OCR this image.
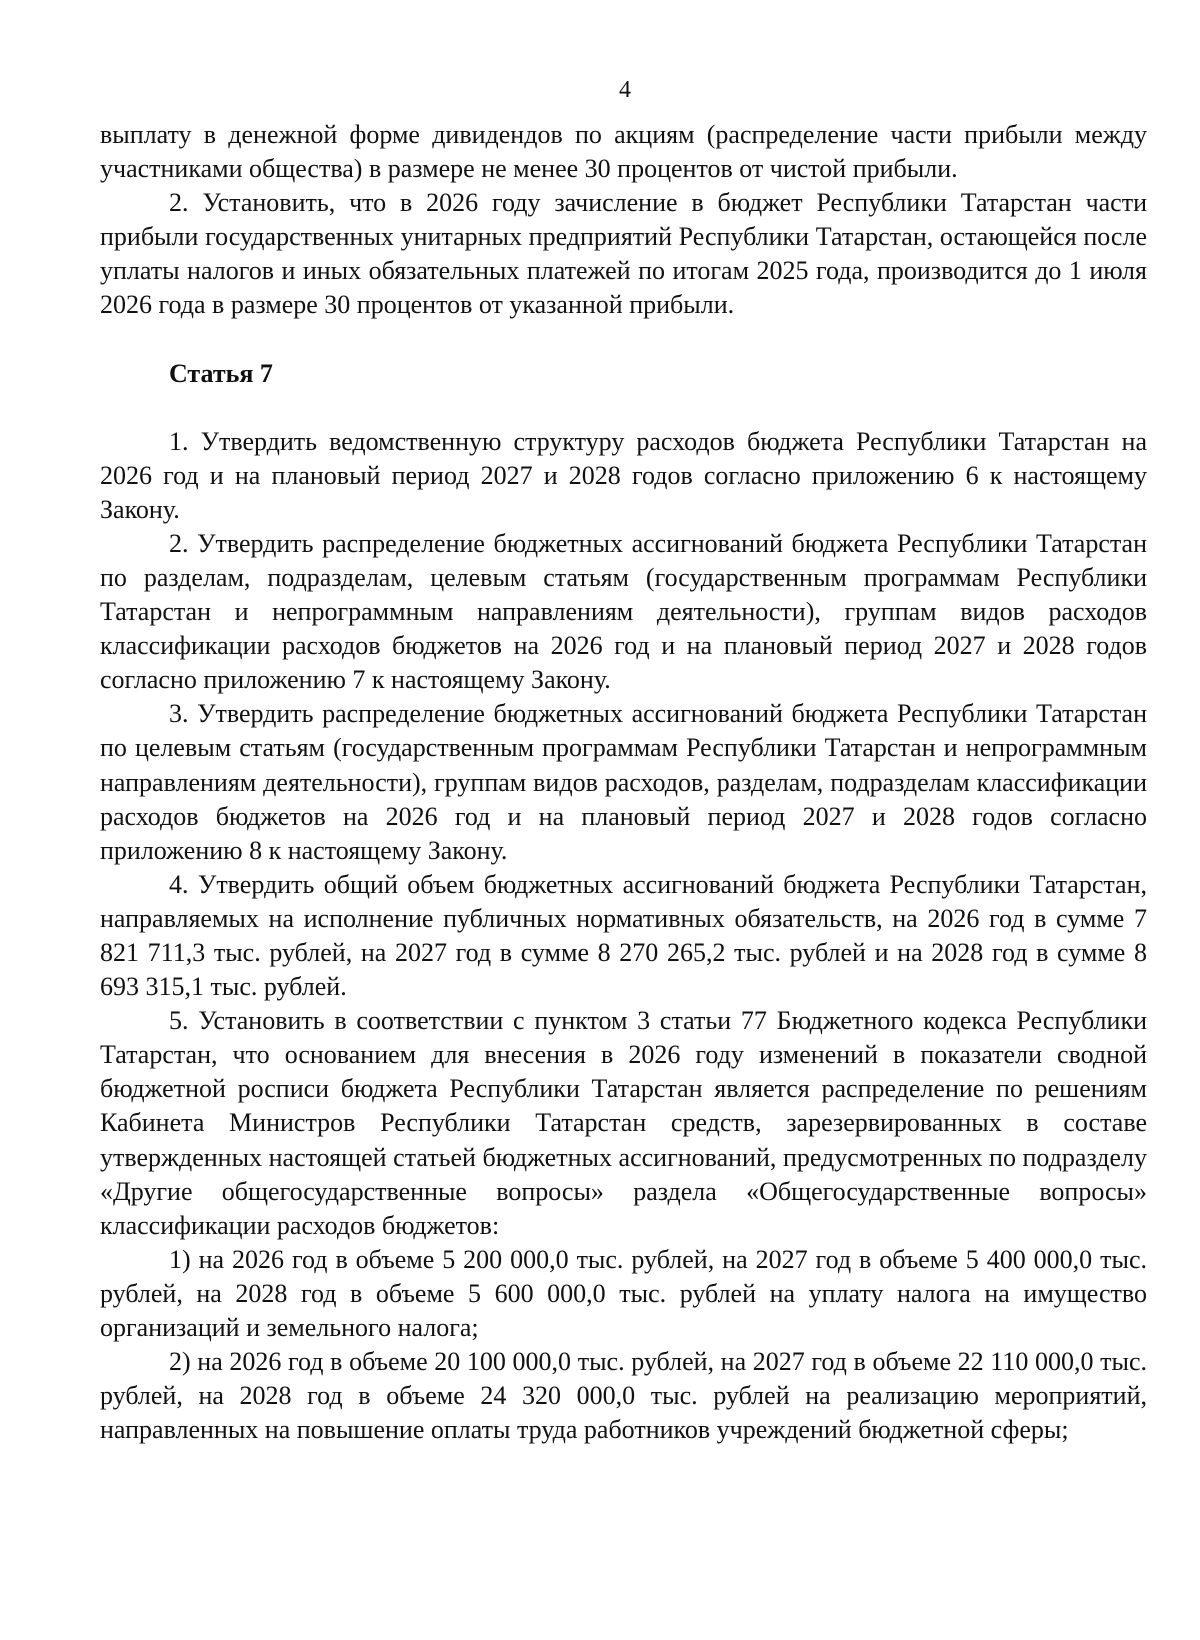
4

выплату в денежной форме дивидендов по акциям (распределение части прибыли между участниками общества) в размере не менее 30 процентов от чистой прибыли.

2. Установить, что в 2026 году зачисление в бюджет Республики Татарстан части прибыли государственных унитарных предприятий Республики Татарстан, остающейся после уплаты налогов и иных обязательных платежей по итогам 2025 года, производится до 1 июля 2026 года в размере 30 процентов от указанной прибыли.

Статья 7

1. Утвердить ведомственную структуру расходов бюджета Республики Татарстан на 2026 год и на плановый период 2027 и 2028 годов согласно приложению 6 к настоящему Закону.

2. Утвердить распределение бюджетных ассигнований бюджета Республики Татарстан по разделам, подразделам, целевым статьям (государственным программам Республики Татарстан и непрограммным направлениям деятельности), группам видов расходов классификации расходов бюджетов на 2026 год и на плановый период 2027 и 2028 годов согласно приложению 7 к настоящему Закону.

3. Утвердить распределение бюджетных ассигнований бюджета Республики Татарстан по целевым статьям (государственным программам Республики Татарстан и непрограммным направлениям деятельности), группам видов расходов, разделам, подразделам классификации расходов бюджетов на 2026 год и на плановый период 2027 и 2028 годов согласно приложению 8 к настоящему Закону.

4. Утвердить общий объем бюджетных ассигнований бюджета Республики Татарстан, направляемых на исполнение публичных нормативных обязательств, на 2026 год в сумме 7 821 711,3 тыс. рублей, на 2027 год в сумме 8 270 265,2 тыс. рублей и на 2028 год в сумме 8 693 315,1 тыс. рублей.

5. Установить в соответствии с пунктом 3 статьи 77 Бюджетного кодекса Республики Татарстан, что основанием для внесения в 2026 году изменений в показатели сводной бюджетной росписи бюджета Республики Татарстан является распределение по решениям Кабинета Министров Республики Татарстан средств, зарезервированных в составе утвержденных настоящей статьей бюджетных ассигнований, предусмотренных по подразделу «Другие общегосударственные вопросы» раздела «Общегосударственные вопросы» классификации расходов бюджетов:

1) на 2026 год в объеме 5 200 000,0 тыс. рублей, на 2027 год в объеме 5 400 000,0 тыс. рублей, на 2028 год в объеме 5 600 000,0 тыс. рублей на уплату налога на имущество организаций и земельного налога;

2) на 2026 год в объеме 20 100 000,0 тыс. рублей, на 2027 год в объеме 22 110 000,0 тыс. рублей, на 2028 год в объеме 24 320 000,0 тыс. рублей на реализацию мероприятий, направленных на повышение оплаты труда работников учреждений бюджетной сферы;
